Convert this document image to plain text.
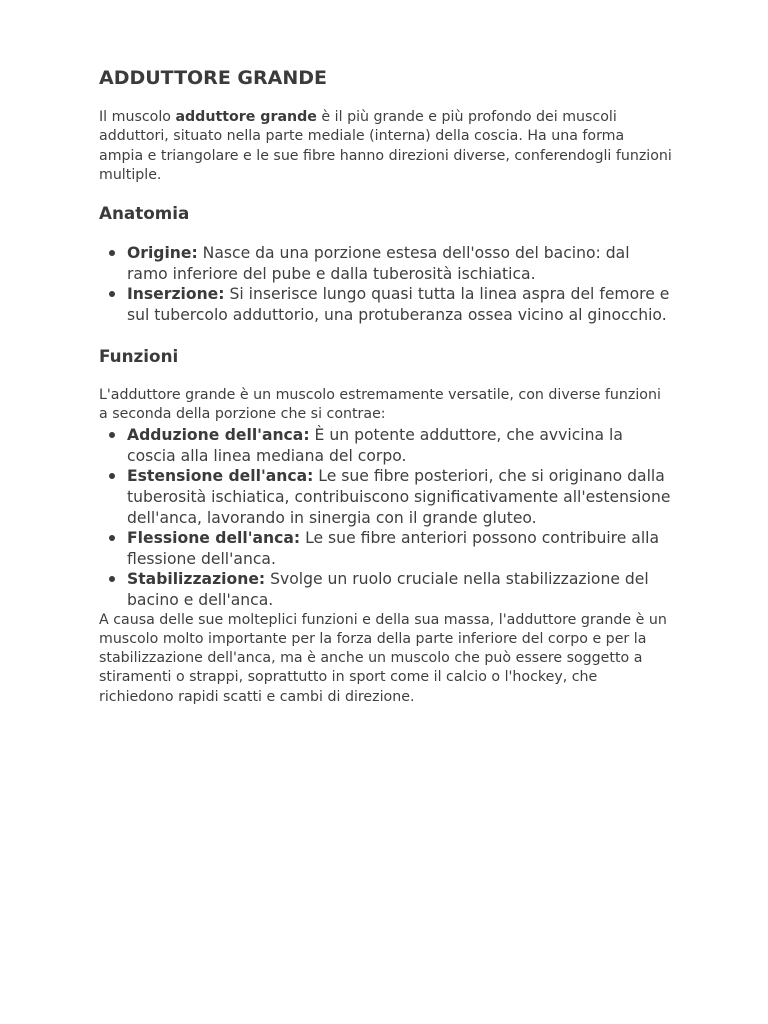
ADDUTTORE GRANDE

Il muscolo adduttore grande è il più grande e più profondo dei muscoli adduttori, situato nella parte mediale (interna) della coscia. Ha una forma ampia e triangolare e le sue fibre hanno direzioni diverse, conferendogli funzioni multiple.

Anatomia
Origine: Nasce da una porzione estesa dell'osso del bacino: dal ramo inferiore del pube e dalla tuberosità ischiatica.
Inserzione: Si inserisce lungo quasi tutta la linea aspra del femore e sul tubercolo adduttorio, una protuberanza ossea vicino al ginocchio.
Funzioni

L'adduttore grande è un muscolo estremamente versatile, con diverse funzioni a seconda della porzione che si contrae:

Adduzione dell'anca: È un potente adduttore, che avvicina la coscia alla linea mediana del corpo.
Estensione dell'anca: Le sue fibre posteriori, che si originano dalla tuberosità ischiatica, contribuiscono significativamente all'estensione dell'anca, lavorando in sinergia con il grande gluteo.
Flessione dell'anca: Le sue fibre anteriori possono contribuire alla flessione dell'anca.
Stabilizzazione: Svolge un ruolo cruciale nella stabilizzazione del bacino e dell'anca.

A causa delle sue molteplici funzioni e della sua massa, l'adduttore grande è un muscolo molto importante per la forza della parte inferiore del corpo e per la stabilizzazione dell'anca, ma è anche un muscolo che può essere soggetto a stiramenti o strappi, soprattutto in sport come il calcio o l'hockey, che richiedono rapidi scatti e cambi di direzione.
